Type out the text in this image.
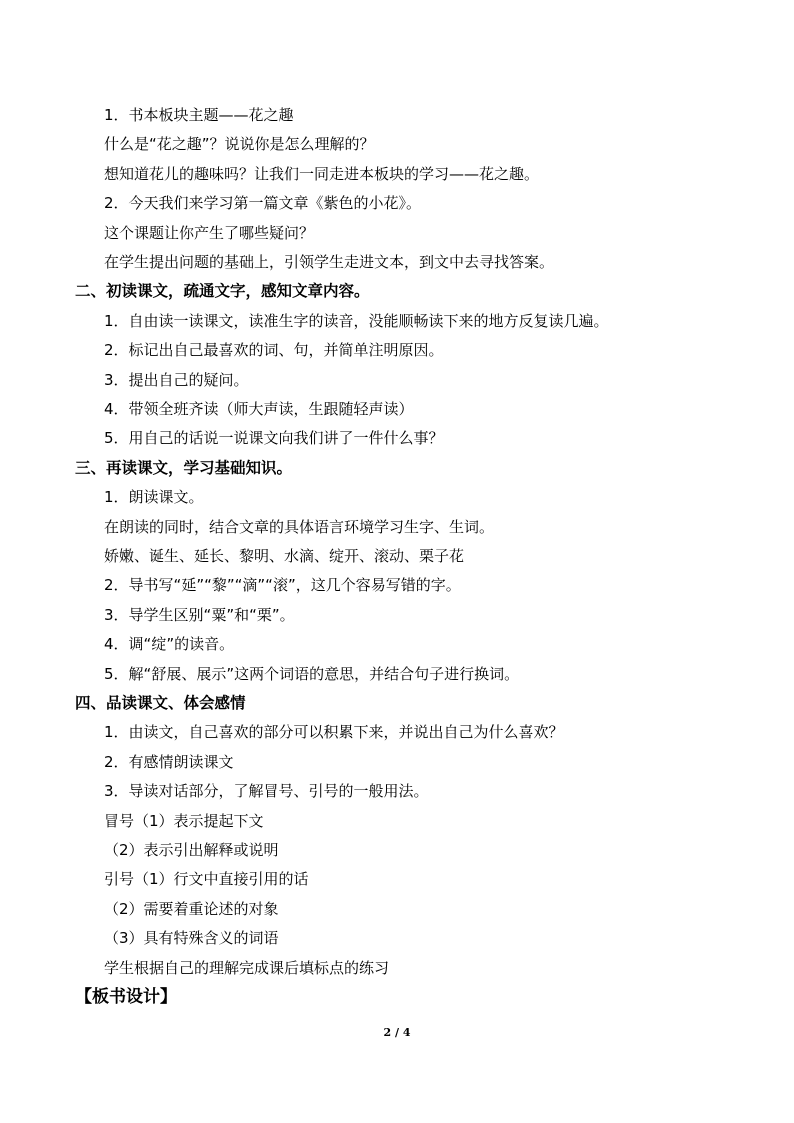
1．书本板块主题——花之趣
什么是“花之趣”？说说你是怎么理解的？
想知道花儿的趣味吗？让我们一同走进本板块的学习——花之趣。
2．今天我们来学习第一篇文章《紫色的小花》。
这个课题让你产生了哪些疑问？
在学生提出问题的基础上，引领学生走进文本，到文中去寻找答案。
二、初读课文，疏通文字，感知文章内容。
1．自由读一读课文，读准生字的读音，没能顺畅读下来的地方反复读几遍。
2．标记出自己最喜欢的词、句，并简单注明原因。
3．提出自己的疑问。
4．带领全班齐读（师大声读，生跟随轻声读）
5．用自己的话说一说课文向我们讲了一件什么事？
三、再读课文，学习基础知识。
1．朗读课文。
在朗读的同时，结合文章的具体语言环境学习生字、生词。
娇嫩、诞生、延长、黎明、水滴、绽开、滚动、栗子花
2．导书写“延”“黎”“滴”“滚”，这几个容易写错的字。
3．导学生区别“粟”和“栗”。
4．调“绽”的读音。
5．解“舒展、展示”这两个词语的意思，并结合句子进行换词。
四、品读课文、体会感情
1．由读文，自己喜欢的部分可以积累下来，并说出自己为什么喜欢？
2．有感情朗读课文
3．导读对话部分，了解冒号、引号的一般用法。
冒号（1）表示提起下文
（2）表示引出解释或说明
引号（1）行文中直接引用的话
（2）需要着重论述的对象
（3）具有特殊含义的词语
学生根据自己的理解完成课后填标点的练习
【板书设计】
2 / 4
